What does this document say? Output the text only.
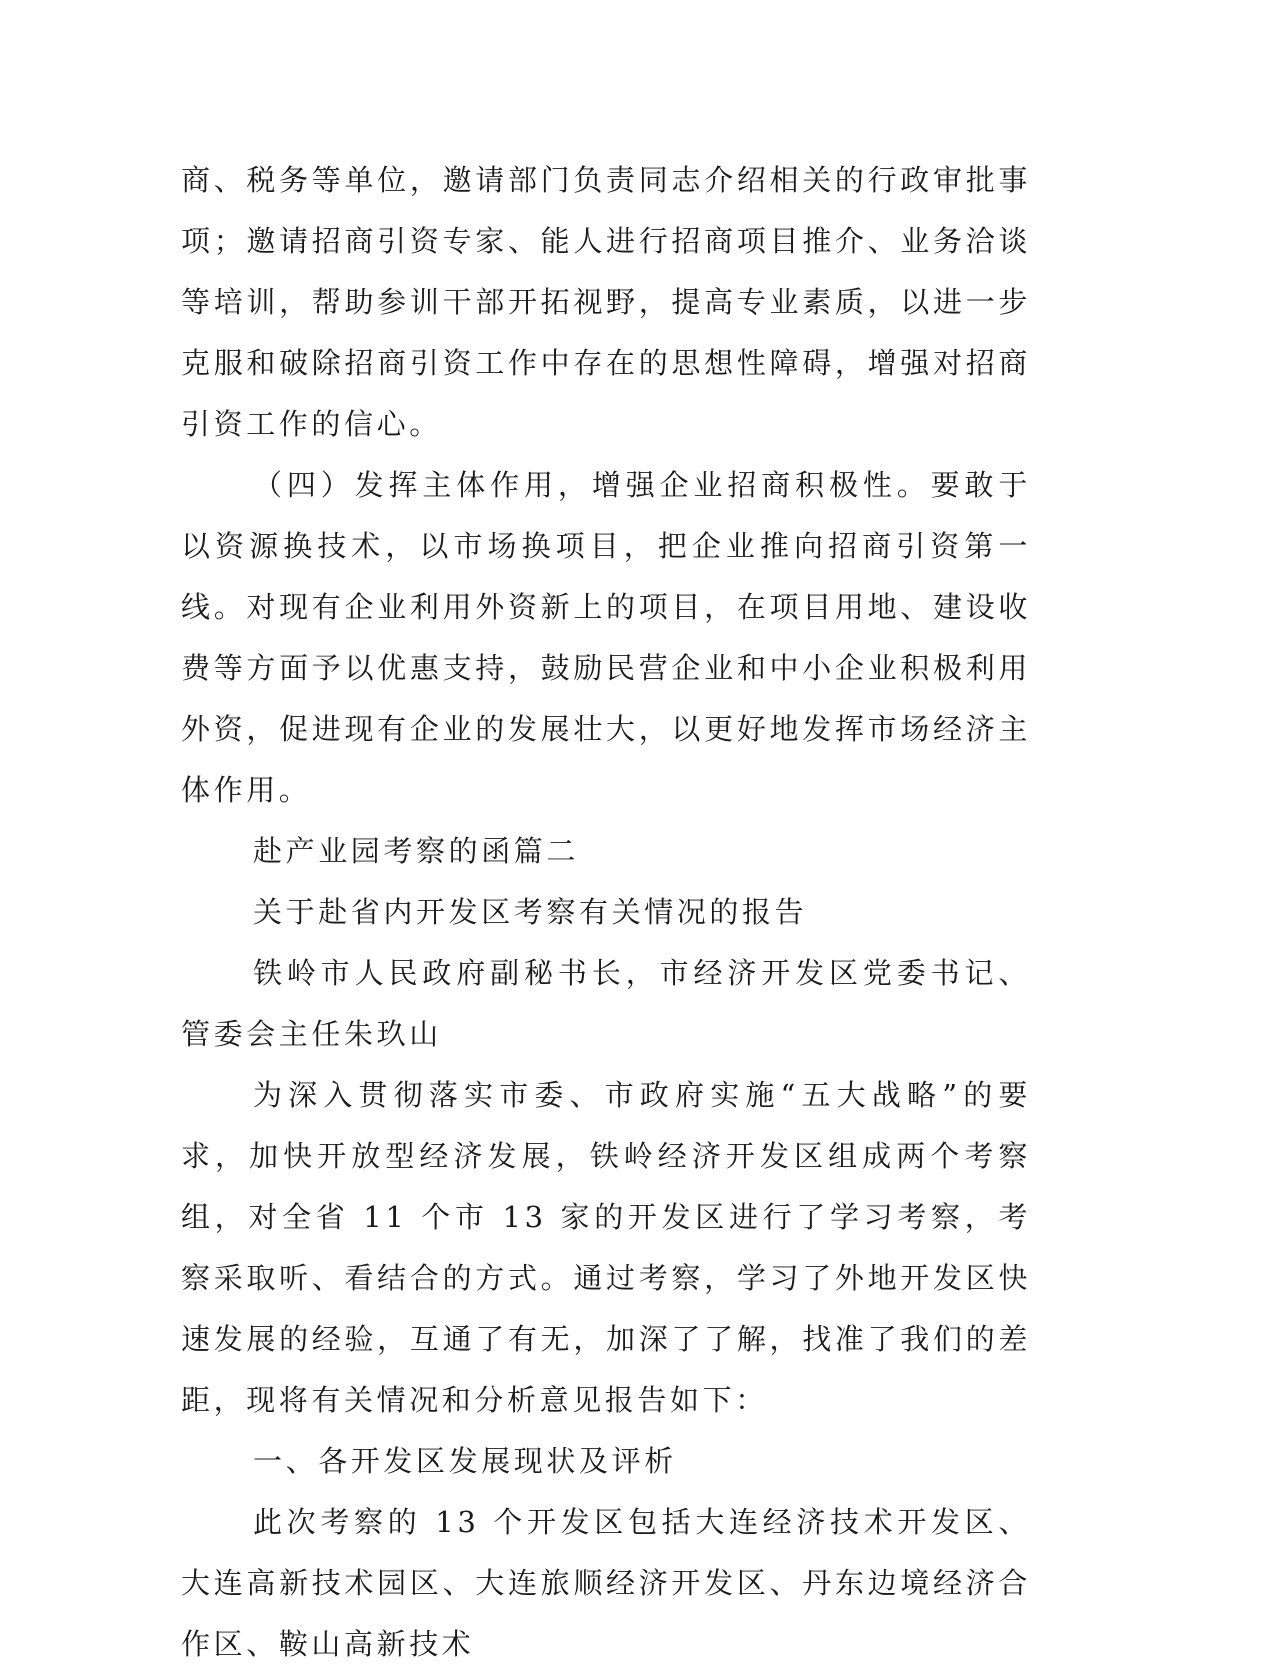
商、税务等单位，邀请部门负责同志介绍相关的行政审批事项；邀请招商引资专家、能人进行招商项目推介、业务洽谈等培训，帮助参训干部开拓视野，提高专业素质，以进一步克服和破除招商引资工作中存在的思想性障碍，增强对招商引资工作的信心。

（四）发挥主体作用，增强企业招商积极性。要敢于以资源换技术，以市场换项目，把企业推向招商引资第一线。对现有企业利用外资新上的项目，在项目用地、建设收费等方面予以优惠支持，鼓励民营企业和中小企业积极利用外资，促进现有企业的发展壮大，以更好地发挥市场经济主体作用。

赴产业园考察的函篇二

关于赴省内开发区考察有关情况的报告

铁岭市人民政府副秘书长，市经济开发区党委书记、管委会主任朱玖山

为深入贯彻落实市委、市政府实施“五大战略”的要求，加快开放型经济发展，铁岭经济开发区组成两个考察组，对全省 11 个市 13 家的开发区进行了学习考察，考察采取听、看结合的方式。通过考察，学习了外地开发区快速发展的经验，互通了有无，加深了了解，找准了我们的差距，现将有关情况和分析意见报告如下：

一、各开发区发展现状及评析

此次考察的 13 个开发区包括大连经济技术开发区、大连高新技术园区、大连旅顺经济开发区、丹东边境经济合作区、鞍山高新技术
